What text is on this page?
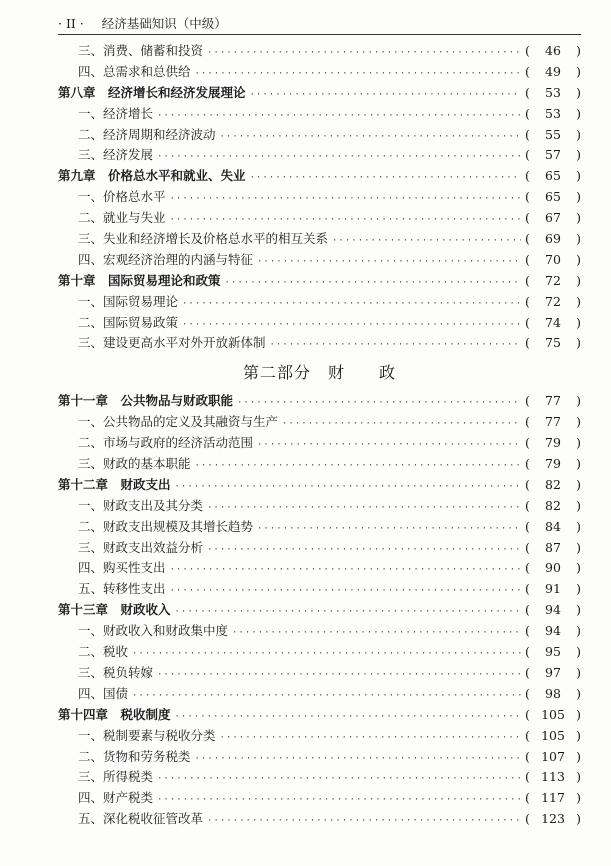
· II · 经济基础知识（中级）
三、消费、储蓄和投资 ·····	(	46	)
四、总需求和总供给 ·····	(	49	)
第八章　经济增长和经济发展理论 ·····	(	53	)
一、经济增长 ·····	(	53	)
二、经济周期和经济波动 ·····	(	55	)
三、经济发展 ·····	(	57	)
第九章　价格总水平和就业、失业 ·····	(	65	)
一、价格总水平 ·····	(	65	)
二、就业与失业 ·····	(	67	)
三、失业和经济增长及价格总水平的相互关系 ·····	(	69	)
四、宏观经济治理的内涵与特征 ·····	(	70	)
第十章　国际贸易理论和政策 ·····	(	72	)
一、国际贸易理论 ·····	(	72	)
二、国际贸易政策 ·····	(	74	)
三、建设更高水平对外开放新体制 ·····	(	75	)
第二部分　财　　政
第十一章　公共物品与财政职能 ·····	(	77	)
一、公共物品的定义及其融资与生产 ·····	(	77	)
二、市场与政府的经济活动范围 ·····	(	79	)
三、财政的基本职能 ·····	(	79	)
第十二章　财政支出 ·····	(	82	)
一、财政支出及其分类 ·····	(	82	)
二、财政支出规模及其增长趋势 ·····	(	84	)
三、财政支出效益分析 ·····	(	87	)
四、购买性支出 ·····	(	90	)
五、转移性支出 ·····	(	91	)
第十三章　财政收入 ·····	(	94	)
一、财政收入和财政集中度 ·····	(	94	)
二、税收 ·····	(	95	)
三、税负转嫁 ·····	(	97	)
四、国债 ·····	(	98	)
第十四章　税收制度 ·····	( 105 )
一、税制要素与税收分类 ·····	( 105 )
二、货物和劳务税类 ·····	( 107 )
三、所得税类 ·····	( 113 )
四、财产税类 ·····	( 117 )
五、深化税收征管改革 ·····	( 123 )
